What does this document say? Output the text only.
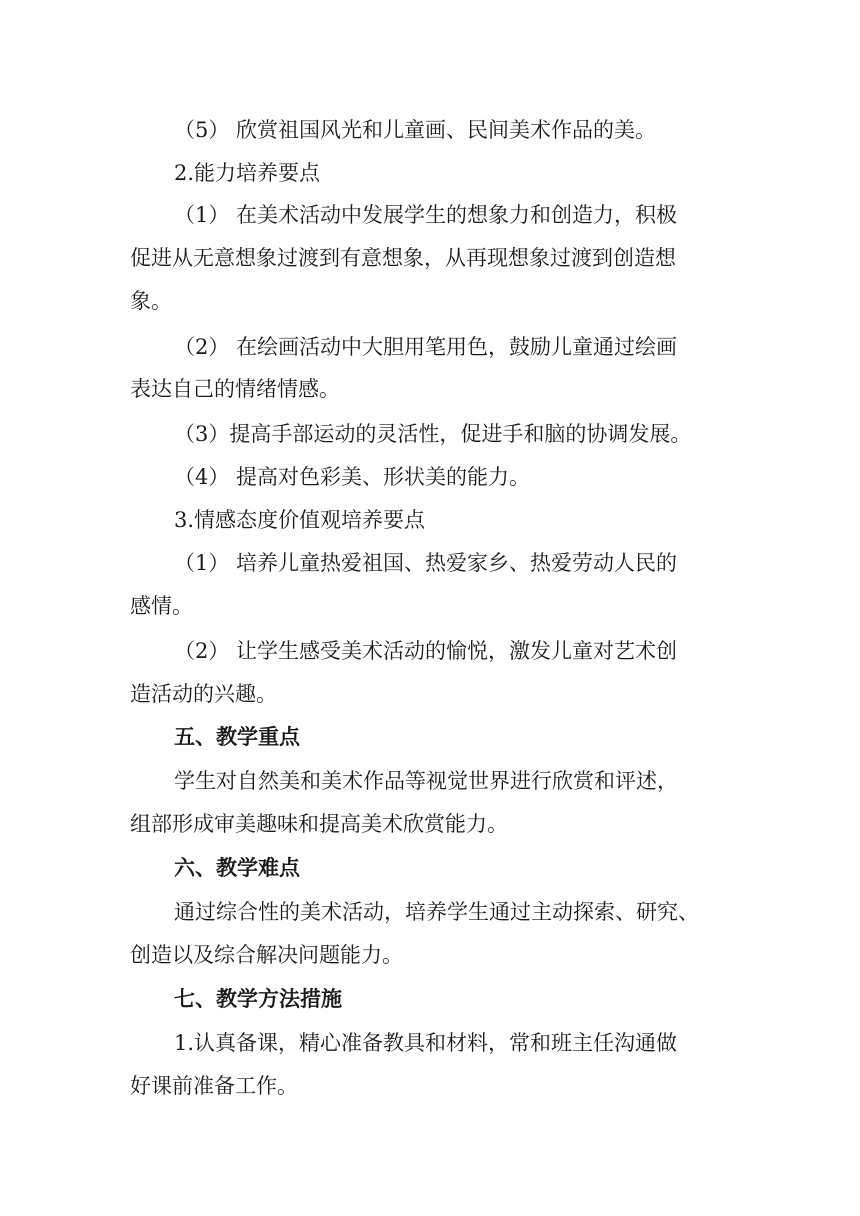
（5） 欣赏祖国风光和儿童画、民间美术作品的美。
2.能力培养要点
（1） 在美术活动中发展学生的想象力和创造力，积极
促进从无意想象过渡到有意想象，从再现想象过渡到创造想
象。
（2） 在绘画活动中大胆用笔用色，鼓励儿童通过绘画
表达自己的情绪情感。
（3）提高手部运动的灵活性，促进手和脑的协调发展。
（4） 提高对色彩美、形状美的能力。
3.情感态度价值观培养要点
（1） 培养儿童热爱祖国、热爱家乡、热爱劳动人民的
感情。
（2） 让学生感受美术活动的愉悦，激发儿童对艺术创
造活动的兴趣。
五、教学重点
学生对自然美和美术作品等视觉世界进行欣赏和评述，
组部形成审美趣味和提高美术欣赏能力。
六、教学难点
通过综合性的美术活动，培养学生通过主动探索、研究、
创造以及综合解决问题能力。
七、教学方法措施
1.认真备课，精心准备教具和材料，常和班主任沟通做
好课前准备工作。
